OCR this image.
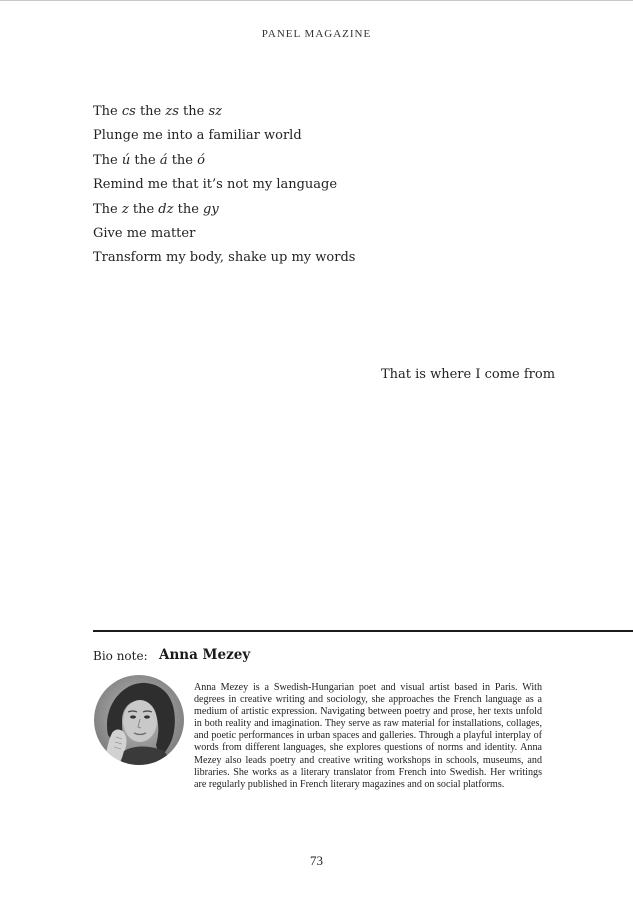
PANEL MAGAZINE
The cs the zs the sz
Plunge me into a familiar world
The ú the á the ó
Remind me that it’s not my language
The z the dz the gy
Give me matter
Transform my body, shake up my words
That is where I come from
Bio note: Anna Mezey
Anna Mezey is a Swedish-Hungarian poet and visual artist based in Paris. With degrees in creative writing and sociology, she approaches the French language as a medium of artistic expression. Navigating between poetry and prose, her texts unfold in both reality and imagination. They serve as raw material for installations, collages, and poetic performances in urban spaces and galleries. Through a playful interplay of words from different languages, she explores questions of norms and identity. Anna Mezey also leads poetry and creative writing workshops in schools, museums, and libraries. She works as a literary translator from French into Swedish. Her writings are regularly published in French literary magazines and on social platforms.
73
